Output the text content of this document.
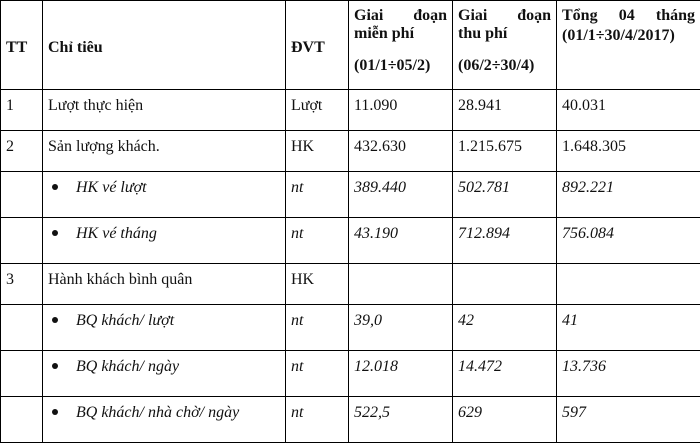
TT	Chỉ tiêu	ĐVT	Giai đoạn
miễn phí
(01/1÷05/2)	Giai đoạn
thu phí
(06/2÷30/4)	Tổng 04 tháng
(01/1÷30/4/2017)

1	Lượt thực hiện	Lượt	11.090	28.941	40.031
2	Sản lượng khách.	HK	432.630	1.215.675	1.648.305
	HK vé lượt	nt	389.440	502.781	892.221
	HK vé tháng	nt	43.190	712.894	756.084
3	Hành khách bình quân	HK			
	BQ khách/ lượt	nt	39,0	42	41
	BQ khách/ ngày	nt	12.018	14.472	13.736
	BQ khách/ nhà chờ/ ngày	nt	522,5	629	597
